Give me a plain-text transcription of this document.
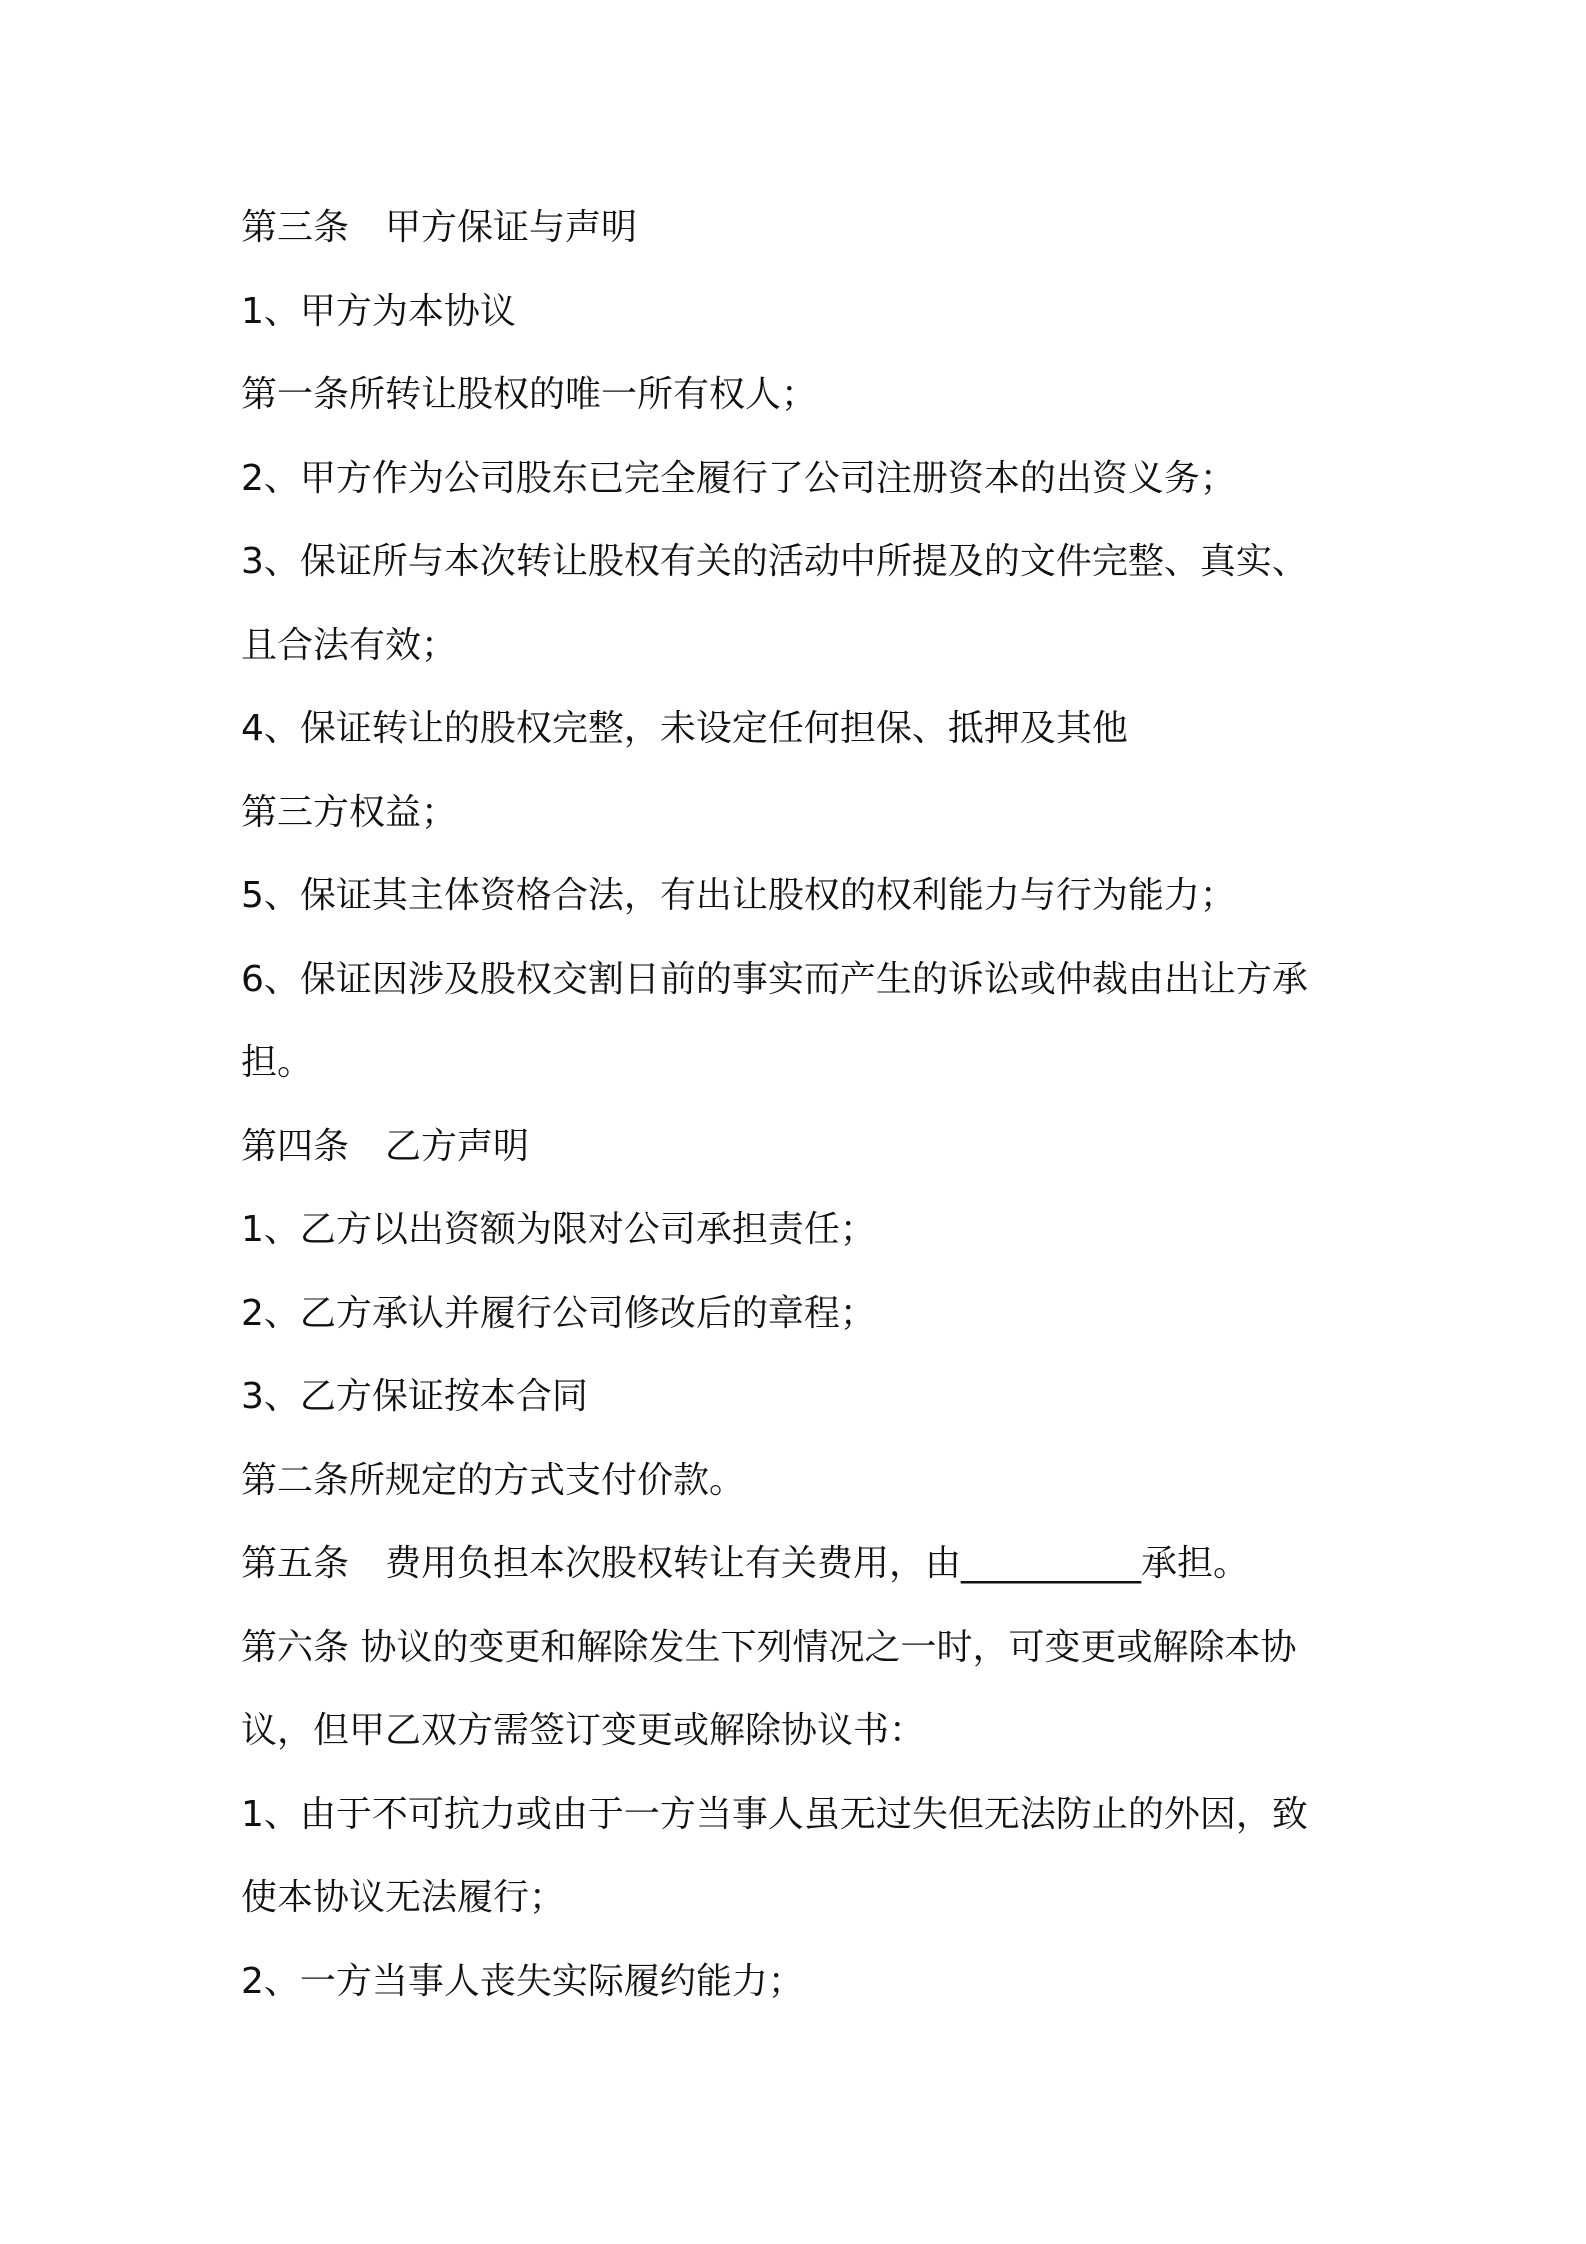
第三条　甲方保证与声明

1、甲方为本协议

第一条所转让股权的唯一所有权人；

2、甲方作为公司股东已完全履行了公司注册资本的出资义务；

3、保证所与本次转让股权有关的活动中所提及的文件完整、真实、

且合法有效；

4、保证转让的股权完整，未设定任何担保、抵押及其他

第三方权益；

5、保证其主体资格合法，有出让股权的权利能力与行为能力；

6、保证因涉及股权交割日前的事实而产生的诉讼或仲裁由出让方承

担。

第四条　乙方声明

1、乙方以出资额为限对公司承担责任；

2、乙方承认并履行公司修改后的章程；

3、乙方保证按本合同

第二条所规定的方式支付价款。

第五条　费用负担本次股权转让有关费用，由__________承担。

第六条 协议的变更和解除发生下列情况之一时，可变更或解除本协

议，但甲乙双方需签订变更或解除协议书：

1、由于不可抗力或由于一方当事人虽无过失但无法防止的外因，致

使本协议无法履行；

2、一方当事人丧失实际履约能力；
